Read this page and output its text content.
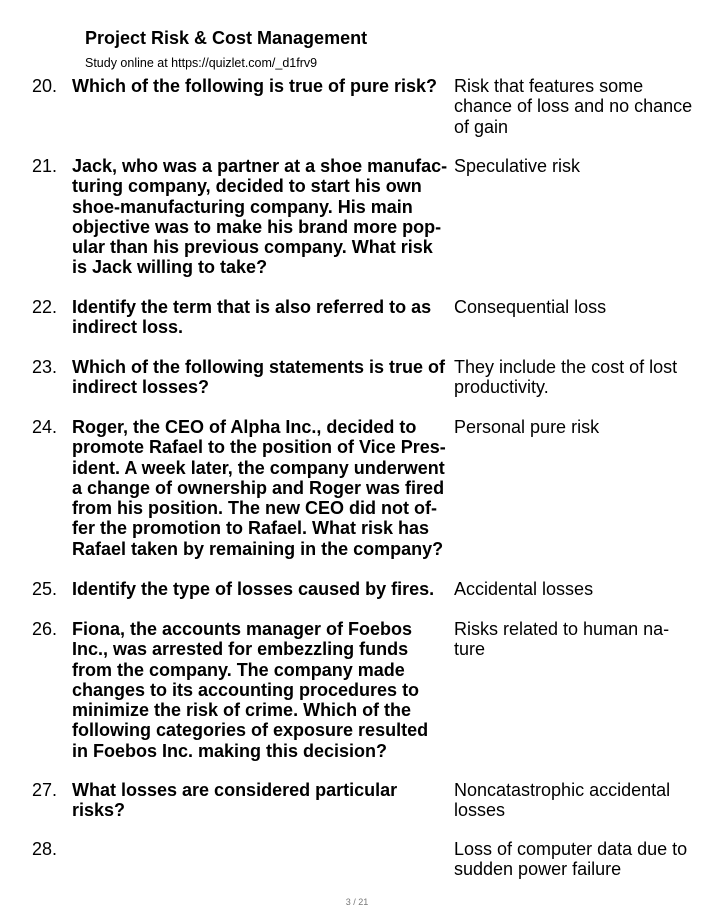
Project Risk & Cost Management
Study online at https://quizlet.com/_d1frv9
20. Which of the following is true of pure risk? Risk that features some
chance of loss and no chance
of gain
21. Jack, who was a partner at a shoe manufac-
turing company, decided to start his own
shoe-manufacturing company. His main
objective was to make his brand more pop-
ular than his previous company. What risk
is Jack willing to take?
Speculative risk
22. Identify the term that is also referred to as
indirect loss.
Consequential loss
23. Which of the following statements is true of
indirect losses?
They include the cost of lost
productivity.
24. Roger, the CEO of Alpha Inc., decided to
promote Rafael to the position of Vice Pres-
ident. A week later, the company underwent
a change of ownership and Roger was fired
from his position. The new CEO did not of-
fer the promotion to Rafael. What risk has
Rafael taken by remaining in the company?
Personal pure risk
25. Identify the type of losses caused by fires.	Accidental losses
26. Fiona, the accounts manager of Foebos
Inc., was arrested for embezzling funds
from the company. The company made
changes to its accounting procedures to
minimize the risk of crime. Which of the
following categories of exposure resulted
in Foebos Inc. making this decision?
Risks related to human na-
ture
27. What losses are considered particular
risks?
Noncatastrophic accidental
losses
28.	Loss of computer data due to
sudden power failure
3 / 21
